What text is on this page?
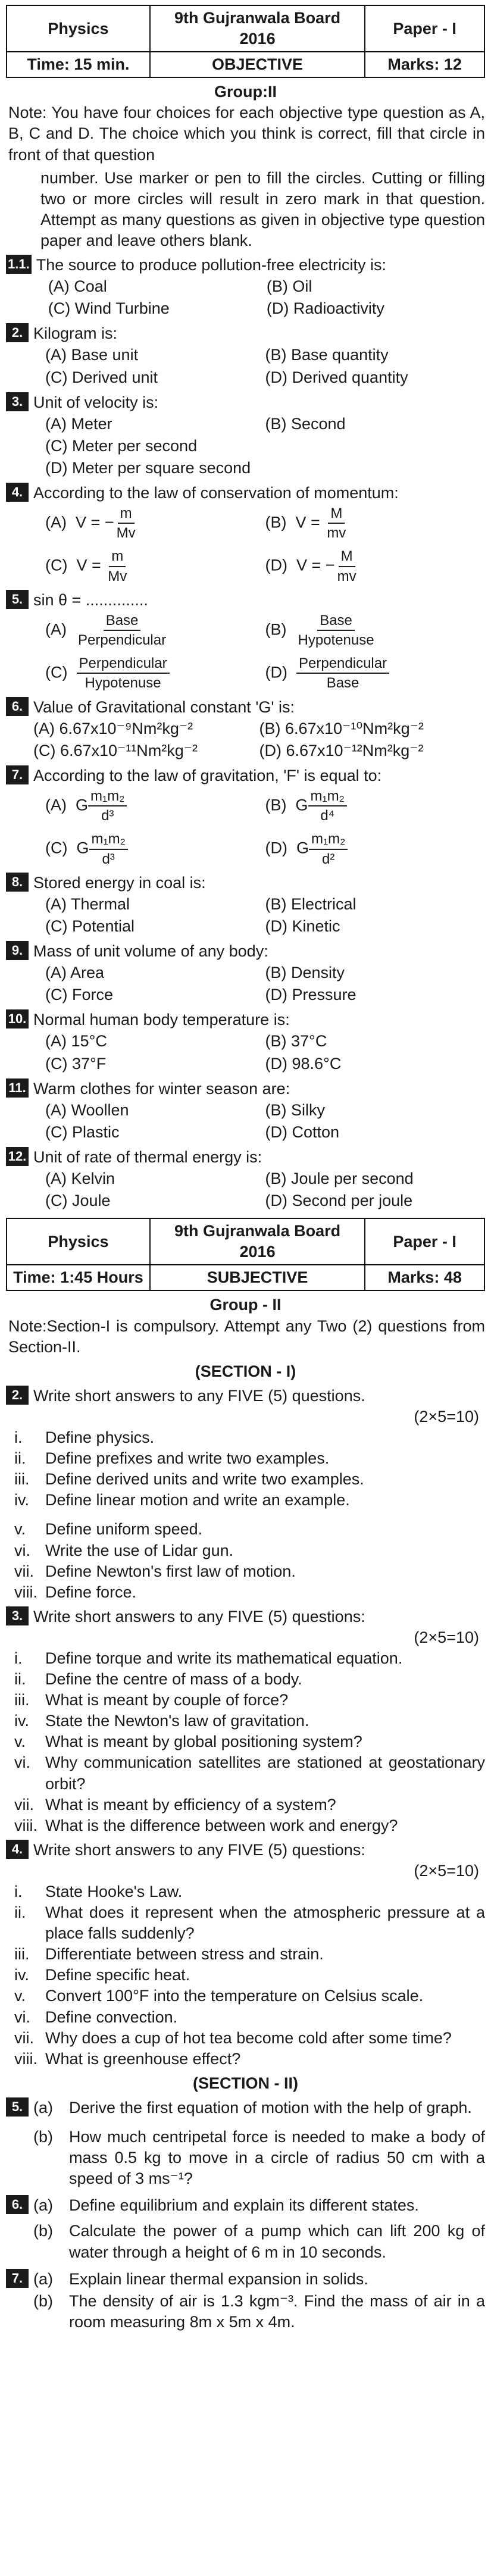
Physics	9th Gujranwala Board 2016	Paper - I
Time: 15 min.	OBJECTIVE	Marks: 12
Group:II
Note: You have four choices for each objective type question as A, B, C and D. The choice which you think is correct, fill that circle in front of that question
number. Use marker or pen to fill the circles. Cutting or filling two or more circles will result in zero mark in that question. Attempt as many questions as given in objective type question paper and leave others blank.
1.1. The source to produce pollution-free electricity is:
(A) Coal	(B) Oil
(C) Wind Turbine	(D) Radioactivity
2. Kilogram is:
(A) Base unit	(B) Base quantity
(C) Derived unit	(D) Derived quantity
3. Unit of velocity is:
(A) Meter	(B) Second
(C) Meter per second
(D) Meter per square second
4. According to the law of conservation of momentum:
(A) V = − $\frac{m}{Mv}$	(B) $V = \frac{M}{mv}$
(C) $V = \frac{m}{Mv}$	(D) V = − $\frac{M}{mv}$
5. sin θ = ..............
$(A) \frac{\text{Base}}{\text{Perpendicular}}$	$(B) \frac{\text{Base}}{\text{Hypotenuse}}$
$(C) \frac{\text{Perpendicular}}{\text{Hypotenuse}}$	$(D) \frac{\text{Perpendicular}}{\text{Base}}$
6. Value of Gravitational constant 'G' is:
(A) 6.67x10⁻⁹Nm²kg⁻²	(B) 6.67x10⁻¹⁰Nm²kg⁻²
(C) 6.67x10⁻¹¹Nm²kg⁻²	(D) 6.67x10⁻¹²Nm²kg⁻²
7. According to the law of gravitation, 'F' is equal to:
(A) G $\frac{\text{m₁m₂}}{\text{d³}}$	(B) G $\frac{\text{m₁m₂}}{\text{d⁴}}$
(C) G $\frac{\text{m₁m₂}}{\text{d³}}$	(D) G $\frac{\text{m₁m₂}}{\text{d²}}$
8. Stored energy in coal is:
(A) Thermal	(B) Electrical
(C) Potential	(D) Kinetic
9. Mass of unit volume of any body:
(A) Area	(B) Density
(C) Force	(D) Pressure
10. Normal human body temperature is:
(A) 15°C	(B) 37°C
(C) 37°F	(D) 98.6°C
11. Warm clothes for winter season are:
(A) Woollen	(B) Silky
(C) Plastic	(D) Cotton
12. Unit of rate of thermal energy is:
(A) Kelvin	(B) Joule per second
(C) Joule	(D) Second per joule
Physics	9th Gujranwala Board 2016	Paper - I
Time: 1:45 Hours	SUBJECTIVE	Marks: 48
Group - II
Note:Section-I is compulsory. Attempt any Two (2) questions from Section-II.
(SECTION - I)
2. Write short answers to any FIVE (5) questions.
(2×5=10)
i.	Define physics.
ii.	Define prefixes and write two examples.
iii. Define derived units and write two examples.
iv.	Define linear motion and write an example.
v.	Define uniform speed.
vi. Write the use of Lidar gun.
vii. Define Newton's first law of motion.
viii. Define force.
3. Write short answers to any FIVE (5) questions:
(2×5=10)
i.	Define torque and write its mathematical equation.
ii.	Define the centre of mass of a body.
iii. What is meant by couple of force?
iv.	State the Newton's law of gravitation.
v.	What is meant by global positioning system?
vi. Why communication satellites are stationed at geostationary orbit?
vii. What is meant by efficiency of a system?
viii. What is the difference between work and energy?
4. Write short answers to any FIVE (5) questions:
(2×5=10)
i.	State Hooke's Law.
ii.	What does it represent when the atmospheric pressure at a place falls suddenly?
iii. Differentiate between stress and strain.
iv.	Define specific heat.
v.	Convert 100°F into the temperature on Celsius scale.
vi. Define convection.
vii. Why does a cup of hot tea become cold after some time?
viii. What is greenhouse effect?
(SECTION - II)
5. (a)	Derive the first equation of motion with the help of graph.
(b)	How much centripetal force is needed to make a body of mass 0.5 kg to move in a circle of radius 50 cm with a speed of 3 ms⁻¹?
6. (a)	Define equilibrium and explain its different states.
(b)	Calculate the power of a pump which can lift 200 kg of water through a height of 6 m in 10 seconds.
7. (a)	Explain linear thermal expansion in solids.
(b)	The density of air is 1.3 kgm⁻³. Find the mass of air in a room measuring 8m x 5m x 4m.
